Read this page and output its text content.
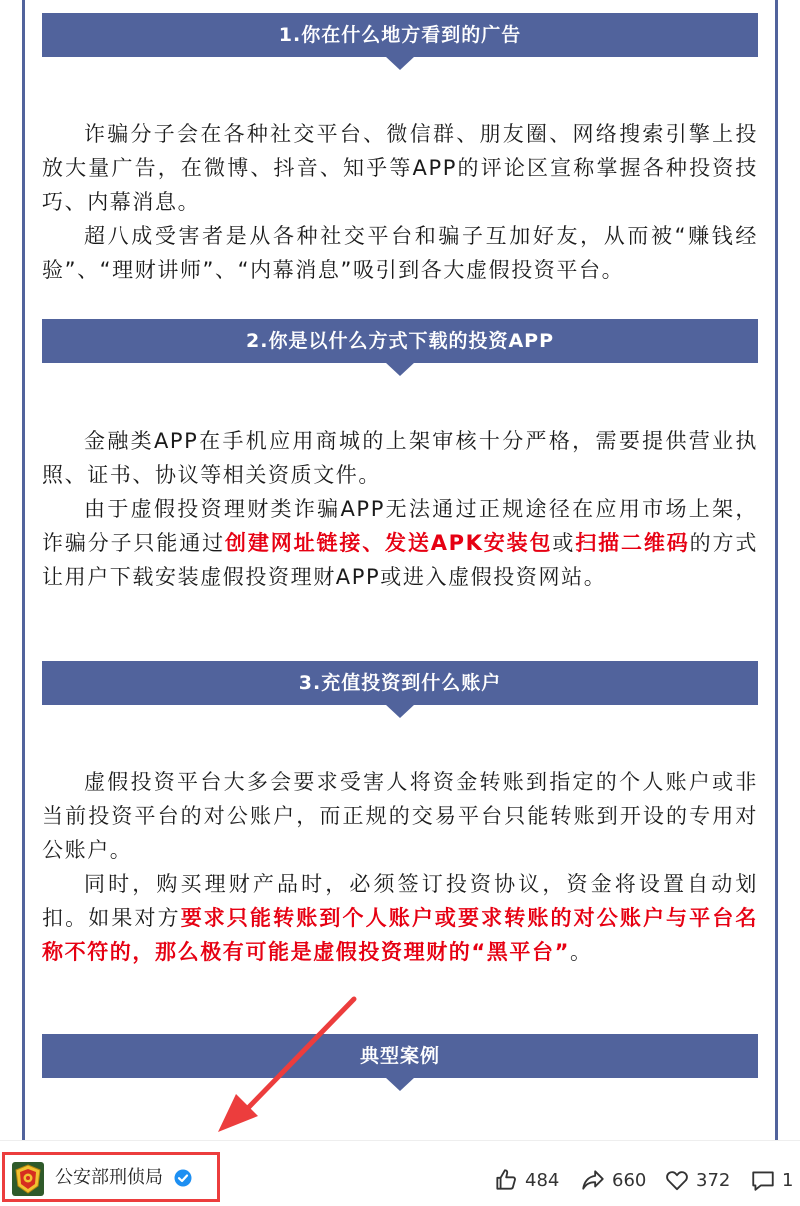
1.你在什么地方看到的广告

诈骗分子会在各种社交平台、微信群、朋友圈、网络搜索引擎上投放大量广告，在微博、抖音、知乎等APP的评论区宣称掌握各种投资技巧、内幕消息。

超八成受害者是从各种社交平台和骗子互加好友，从而被“赚钱经验”、“理财讲师”、“内幕消息”吸引到各大虚假投资平台。

2.你是以什么方式下载的投资APP

金融类APP在手机应用商城的上架审核十分严格，需要提供营业执照、证书、协议等相关资质文件。

由于虚假投资理财类诈骗APP无法通过正规途径在应用市场上架，诈骗分子只能通过创建网址链接、发送APK安装包或扫描二维码的方式让用户下载安装虚假投资理财APP或进入虚假投资网站。

3.充值投资到什么账户

虚假投资平台大多会要求受害人将资金转账到指定的个人账户或非当前投资平台的对公账户，而正规的交易平台只能转账到开设的专用对公账户。

同时，购买理财产品时，必须签订投资协议，资金将设置自动划扣。如果对方要求只能转账到个人账户或要求转账的对公账户与平台名称不符的，那么极有可能是虚假投资理财的“黑平台”。

典型案例
公安部刑侦局	484	660	372	1
